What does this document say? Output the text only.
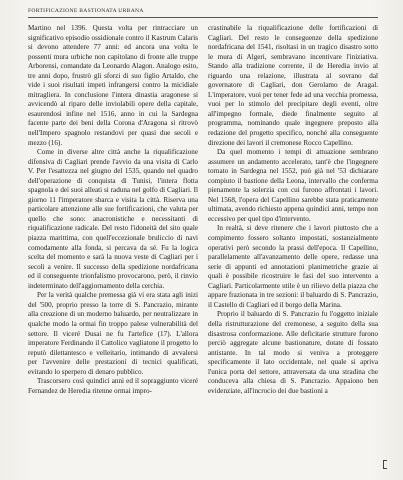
FORTIFICAZIONE BASTIONATA URBANA

Martino nel 1396. Questa volta per rintracciare un significativo episodio ossidionale contro il Kastrum Calaris si devono attendere 77 anni: ed ancora una volta le possenti mura urbiche non capitolano di fronte alle truppe Arborensi, comandate da Leonardo Alagon. Analogo esito, tre anni dopo, frustrò gli sforzi di suo figlio Artaldo, che vide i suoi risultati impeti infrangersi contro la micidiale mitragliera. In conclusione l'intera dinastia aragonese si avvicendò al riparo delle inviolabili opere della capitale, esaurendosi infine nel 1516, anno in cui la Sardegna facente parte dei beni della Corona d'Aragona si ritrovò nell'Impero spagnolo restandovi per quasi due secoli e mezzo (16).

Come in diverse altre città anche la riqualificazione difensiva di Cagliari prende l'avvio da una visita di Carlo V. Per l'esattezza nel giugno del 1535, quando nel quadro dell'operazione di conquista di Tunisi, l'intera flotta spagnola e dei suoi alleati si raduna nel golfo di Cagliari. Il giorno 11 l'imperatore sbarca e visita la città. Riserva una particolare attenzione alle sue fortificazioni, che valuta per quello che sono: anacronistiche e necessitanti di riqualificazione radicale. Del resto l'idoneità del sito quale piazza marittima, con quell'eccezionale bruliccio di navi comodamente alla fonda, si percava da sé. Fu la logica scelta del momento e sarà la nuova veste di Cagliari per i secoli a venire. Il successo della spedizione nordafricana ed il conseguente trionfalismo provocarono, però, il rinvio indeterminato dell'aggiornamento della cerchia.

Per la verità qualche premessa già vi era stata agli inizi del '500, proprio presso la torre di S. Pancrazio, mirante alla creazione di un moderno baluardo, per neutralizzare in qualche modo la ormai fin troppo palese vulnerabilità del settore. Il viceré Dusai ne fu l'artefice (17). L'allora imperatore Ferdinando il Cattolico vagliatone il progetto lo reputò dilettantesco e velleitario, intimando di avvalersi per l'avvenire delle prestazioni di tecnici qualificati, evitando lo sperpero di denaro pubblico.

Trascorsero così quindici anni ed il sopraggiunto viceré Fernandez de Heredia ritenne ormai impro-

crastinabile la riqualificazione delle fortificazioni di Cagliari. Del resto le conseguenze della spedizione nordafricana del 1541, risoltasi in un tragico disastro sotto le mura di Algeri, sembravano incentivare l'iniziativa. Stando alla tradizione corrente, il de Heredia invio al riguardo una relazione, illustrata al sovrano dal governatore di Cagliari, don Gerolamo de Aragal. L'imperatore, vuoi per tener fede ad una vecchia promessa, vuoi per lo stimolo del precipitare degli eventi, oltre all'impegno formale, diede finalmente seguito al programma, nominando quale ingegnere preposto alla redazione del progetto specifico, nonché alla conseguente direzione dei lavori il cremonese Rocco Capellino.

Da quel momento i tempi di attuazione sembrano assumere un andamento accelerato, tant'è che l'ingegnere tornato in Sardegna nel 1552, può già nel '53 dichiarare compiuto il bastione della Leona, intervallo che conferma pienamente la solerzia con cui furono affrontati i lavori. Nel 1568, l'opera del Capellino sarebbe stata praticamente ultimata, avendo richiesto appena quindici anni, tempo non eccessivo per quel tipo d'intervento.

In realtà, si deve ritenere che i lavori piuttosto che a compimento fossero soltanto impostati, sostanzialmente operativi però secondo la prassi dell'epoca. Il Capellino, parallelamente all'avanzamento delle opere, redasse una serie di appunti ed annotazioni planimetriche grazie ai quali è possibile ricostruire le fasi del suo intervento a Cagliari. Particolarmente utile è un rilievo della piazza che appare frazionata in tre sezioni: il baluardo di S. Pancrazio, il Castello di Cagliari ed il borgo della Marina.

Proprio il baluardo di S. Pancrazio fu l'oggetto iniziale della ristrutturazione del cremonese, a seguito della sua disastrosa conformazione. Alle deficitarie strutture furono perciò aggregate alcune bastionature, dotate di fossato antistante. In tal modo si veniva a proteggere specificamente il lato occidentale, nel quale si apriva l'unica porta del settore, attraversata da una stradina che conduceva alla chiesa di S. Pancrazio. Appaiono ben evidenziate, all'incrocio dei due bastioni a
